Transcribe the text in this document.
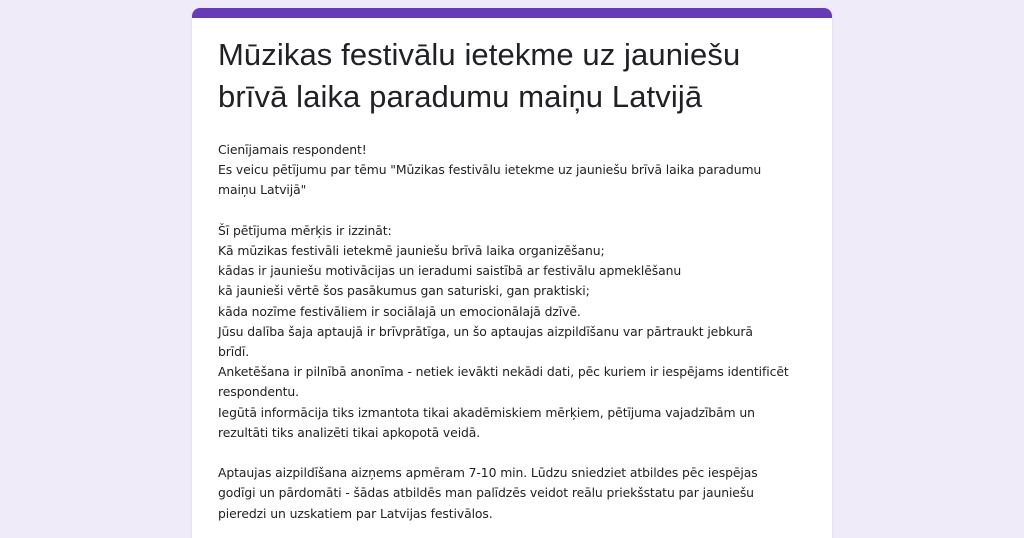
Mūzikas festivālu ietekme uz jauniešu
brīvā laika paradumu maiņu Latvijā
Cienījamais respondent!
Es veicu pētījumu par tēmu "Mūzikas festivālu ietekme uz jauniešu brīvā laika paradumu
maiņu Latvijā"
Šī pētījuma mērķis ir izzināt:
Kā mūzikas festivāli ietekmē jauniešu brīvā laika organizēšanu;
kādas ir jauniešu motivācijas un ieradumi saistībā ar festivālu apmeklēšanu
kā jaunieši vērtē šos pasākumus gan saturiski, gan praktiski;
kāda nozīme festivāliem ir sociālajā un emocionālajā dzīvē.
Jūsu dalība šaja aptaujā ir brīvprātīga, un šo aptaujas aizpildīšanu var pārtraukt jebkurā
brīdī.
Anketēšana ir pilnībā anonīma - netiek ievākti nekādi dati, pēc kuriem ir iespējams identificēt
respondentu.
Iegūtā informācija tiks izmantota tikai akadēmiskiem mērķiem, pētījuma vajadzībām un
rezultāti tiks analizēti tikai apkopotā veidā.
Aptaujas aizpildīšana aizņems apmēram 7-10 min. Lūdzu sniedziet atbildes pēc iespējas
godīgi un pārdomāti - šādas atbildēs man palīdzēs veidot reālu priekšstatu par jauniešu
pieredzi un uzskatiem par Latvijas festivālos.
